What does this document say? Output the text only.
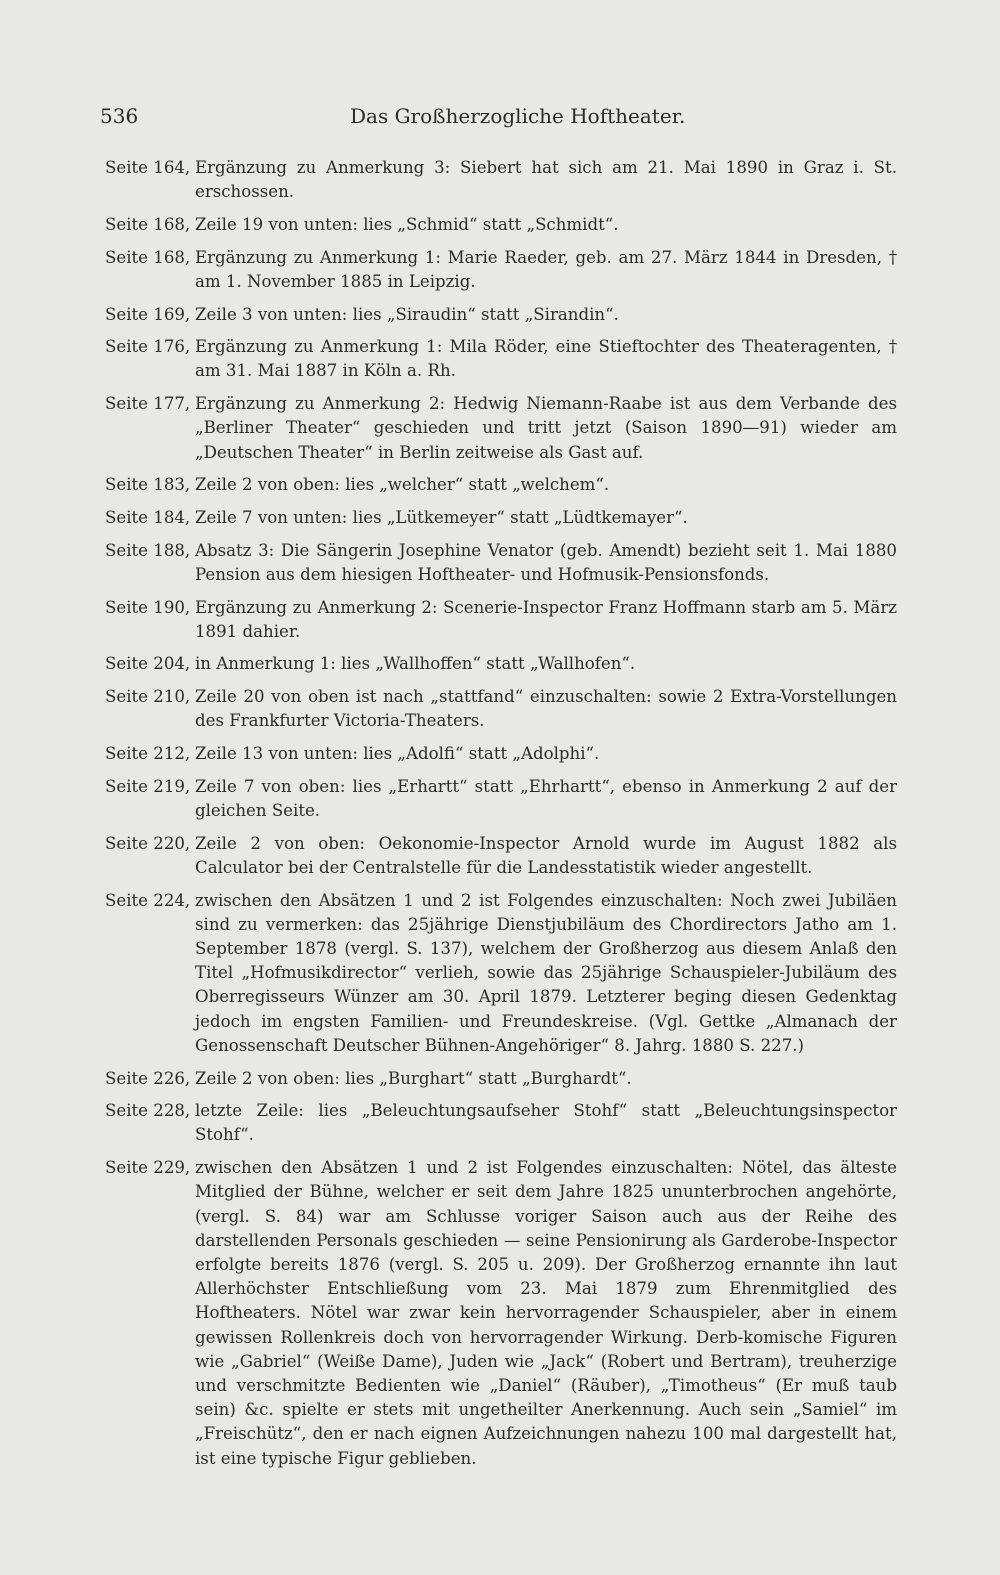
536	Das Großherzogliche Hoftheater.
Seite 164, Ergänzung zu Anmerkung 3: Siebert hat sich am 21. Mai 1890 in Graz i. St. erschossen.
Seite 168, Zeile 19 von unten: lies „Schmid“ statt „Schmidt“.
Seite 168, Ergänzung zu Anmerkung 1: Marie Raeder, geb. am 27. März 1844 in Dresden, † am 1. November 1885 in Leipzig.
Seite 169, Zeile 3 von unten: lies „Siraudin“ statt „Sirandin“.
Seite 176, Ergänzung zu Anmerkung 1: Mila Röder, eine Stieftochter des Theateragenten, † am 31. Mai 1887 in Köln a. Rh.
Seite 177, Ergänzung zu Anmerkung 2: Hedwig Niemann-Raabe ist aus dem Verbande des „Berliner Theater“ geschieden und tritt jetzt (Saison 1890—91) wieder am „Deutschen Theater“ in Berlin zeitweise als Gast auf.
Seite 183, Zeile 2 von oben: lies „welcher“ statt „welchem“.
Seite 184, Zeile 7 von unten: lies „Lütkemeyer“ statt „Lüdtkemayer“.
Seite 188, Absatz 3: Die Sängerin Josephine Venator (geb. Amendt) bezieht seit 1. Mai 1880 Pension aus dem hiesigen Hoftheater- und Hofmusik-Pensionsfonds.
Seite 190, Ergänzung zu Anmerkung 2: Scenerie-Inspector Franz Hoffmann starb am 5. März 1891 dahier.
Seite 204, in Anmerkung 1: lies „Wallhoffen“ statt „Wallhofen“.
Seite 210, Zeile 20 von oben ist nach „stattfand“ einzuschalten: sowie 2 Extra-Vorstellungen des Frankfurter Victoria-Theaters.
Seite 212, Zeile 13 von unten: lies „Adolfi“ statt „Adolphi“.
Seite 219, Zeile 7 von oben: lies „Erhartt“ statt „Ehrhartt“, ebenso in Anmerkung 2 auf der gleichen Seite.
Seite 220, Zeile 2 von oben: Oekonomie-Inspector Arnold wurde im August 1882 als Calculator bei der Centralstelle für die Landesstatistik wieder angestellt.
Seite 224, zwischen den Absätzen 1 und 2 ist Folgendes einzuschalten: Noch zwei Jubiläen sind zu vermerken: das 25jährige Dienstjubiläum des Chordirectors Jatho am 1. September 1878 (vergl. S. 137), welchem der Großherzog aus diesem Anlaß den Titel „Hofmusikdirector“ verlieh, sowie das 25jährige Schauspieler-Jubiläum des Oberregisseurs Wünzer am 30. April 1879. Letzterer beging diesen Gedenktag jedoch im engsten Familien- und Freundeskreise. (Vgl. Gettke „Almanach der Genossenschaft Deutscher Bühnen-Angehöriger“ 8. Jahrg. 1880 S. 227.)
Seite 226, Zeile 2 von oben: lies „Burghart“ statt „Burghardt“.
Seite 228, letzte Zeile: lies „Beleuchtungsaufseher Stohf“ statt „Beleuchtungsinspector Stohf“.
Seite 229, zwischen den Absätzen 1 und 2 ist Folgendes einzuschalten: Nötel, das älteste Mitglied der Bühne, welcher er seit dem Jahre 1825 ununterbrochen angehörte, (vergl. S. 84) war am Schlusse voriger Saison auch aus der Reihe des darstellenden Personals geschieden — seine Pensionirung als Garderobe-Inspector erfolgte bereits 1876 (vergl. S. 205 u. 209). Der Großherzog ernannte ihn laut Allerhöchster Entschließung vom 23. Mai 1879 zum Ehrenmitglied des Hoftheaters. Nötel war zwar kein hervorragender Schauspieler, aber in einem gewissen Rollenkreis doch von hervorragender Wirkung. Derb-komische Figuren wie „Gabriel“ (Weiße Dame), Juden wie „Jack“ (Robert und Bertram), treuherzige und verschmitzte Bedienten wie „Daniel“ (Räuber), „Timotheus“ (Er muß taub sein) &c. spielte er stets mit ungetheilter Anerkennung. Auch sein „Samiel“ im „Freischütz“, den er nach eignen Aufzeichnungen nahezu 100 mal dargestellt hat, ist eine typische Figur geblieben.
